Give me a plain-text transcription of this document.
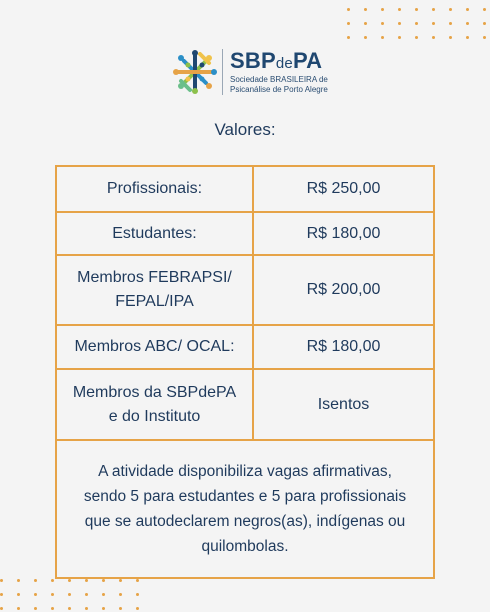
SBPdePA
Sociedade BRASILEIRA de
Psicanálise de Porto Alegre
Valores:
Profissionais:	R$ 250,00
Estudantes:	R$ 180,00

Membros FEBRAPSI/
FEPAL/IPA	R$ 200,00
Membros ABC/ OCAL:	R$ 180,00

Membros da SBPdePA
e do Instituto	Isentos

A atividade disponibiliza vagas afirmativas,
sendo 5 para estudantes e 5 para profissionais
que se autodeclarem negros(as), indígenas ou
quilombolas.	
